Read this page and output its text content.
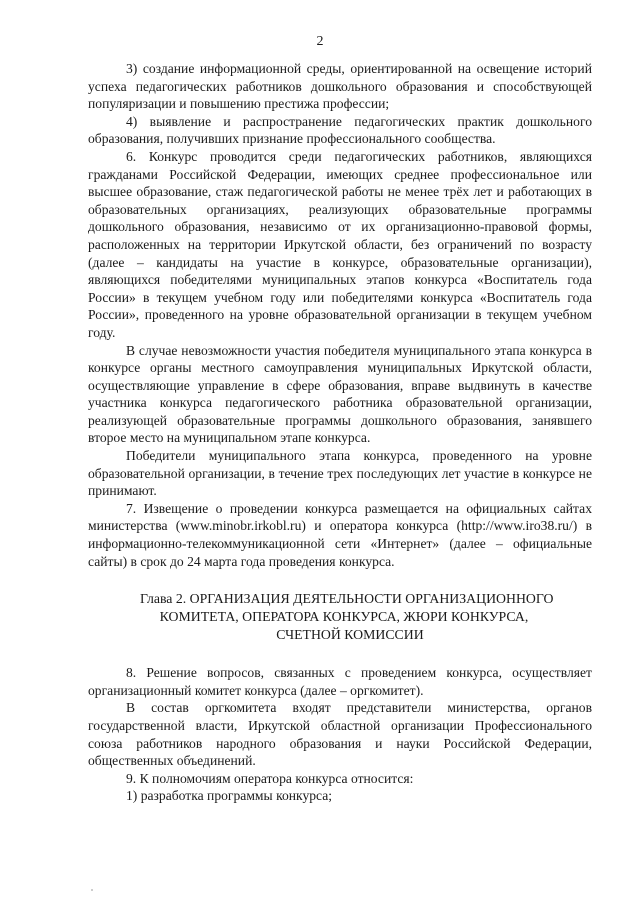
2

3) создание информационной среды, ориентированной на освещение историй успеха педагогических работников дошкольного образования и способствующей популяризации и повышению престижа профессии;

4) выявление и распространение педагогических практик дошкольного образования, получивших признание профессионального сообщества.

6. Конкурс проводится среди педагогических работников, являющихся гражданами Российской Федерации, имеющих среднее профессиональное или высшее образование, стаж педагогической работы не менее трёх лет и работающих в образовательных организациях, реализующих образовательные программы дошкольного образования, независимо от их организационно-правовой формы, расположенных на территории Иркутской области, без ограничений по возрасту (далее – кандидаты на участие в конкурсе, образовательные организации), являющихся победителями муниципальных этапов конкурса «Воспитатель года России» в текущем учебном году или победителями конкурса «Воспитатель года России», проведенного на уровне образовательной организации в текущем учебном году.

В случае невозможности участия победителя муниципального этапа конкурса в конкурсе органы местного самоуправления муниципальных Иркутской области, осуществляющие управление в сфере образования, вправе выдвинуть в качестве участника конкурса педагогического работника образовательной организации, реализующей образовательные программы дошкольного образования, занявшего второе место на муниципальном этапе конкурса.

Победители муниципального этапа конкурса, проведенного на уровне образовательной организации, в течение трех последующих лет участие в конкурсе не принимают.

7. Извещение о проведении конкурса размещается на официальных сайтах министерства (www.minobr.irkobl.ru) и оператора конкурса (http://www.iro38.ru/) в информационно-телекоммуникационной сети «Интернет» (далее – официальные сайты) в срок до 24 марта года проведения конкурса.

Глава 2. ОРГАНИЗАЦИЯ ДЕЯТЕЛЬНОСТИ ОРГАНИЗАЦИОННОГО
КОМИТЕТА, ОПЕРАТОРА КОНКУРСА, ЖЮРИ КОНКУРСА,
СЧЕТНОЙ КОМИССИИ

8. Решение вопросов, связанных с проведением конкурса, осуществляет организационный комитет конкурса (далее – оргкомитет).

В состав оргкомитета входят представители министерства, органов государственной власти, Иркутской областной организации Профессионального союза работников народного образования и науки Российской Федерации, общественных объединений.

9. К полномочиям оператора конкурса относится:

1) разработка программы конкурса;
